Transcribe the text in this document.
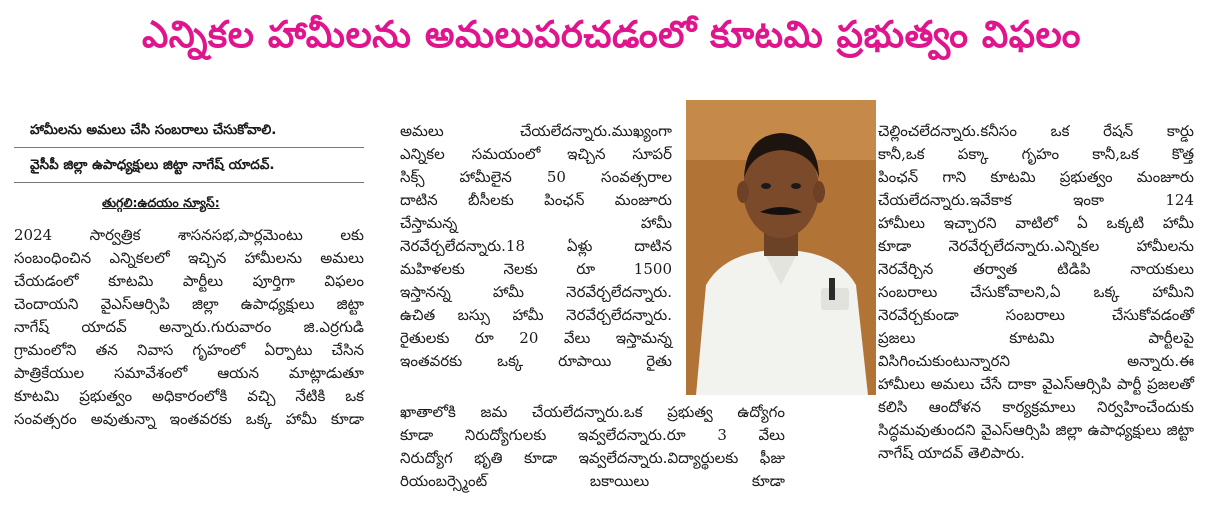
ఎన్నికల హామీలను అమలుపరచడంలో కూటమి ప్రభుత్వం విఫలం
హామీలను అమలు చేసి సంబరాలు చేసుకోవాలి.
వైసీపీ జిల్లా ఉపాధ్యక్షులు జిట్టా నాగేష్ యాదవ్.
తుగ్గలి:ఉదయం న్యూస్:

2024 సార్వత్రిక శాసనసభ,పార్లమెంటు లకు

సంబంధించిన ఎన్నికలలో ఇచ్చిన హామీలను అమలు

చేయడంలో కూటమి పార్టీలు పూర్తిగా విఫలం

చెందాయని వైఎస్ఆర్సిపి జిల్లా ఉపాధ్యక్షులు జిట్టా

నాగేష్ యాదవ్ అన్నారు.గురువారం జి.ఎర్రగుడి

గ్రామంలోని తన నివాస గృహంలో ఏర్పాటు చేసిన

పాత్రికేయుల సమావేశంలో ఆయన మాట్లాడుతూ

కూటమి ప్రభుత్వం అధికారంలోకి వచ్చి నేటికి ఒక

సంవత్సరం అవుతున్నా ఇంతవరకు ఒక్క హామీ కూడా

అమలు చేయలేదన్నారు.ముఖ్యంగా

ఎన్నికల సమయంలో ఇచ్చిన సూపర్

సిక్స్ హామీలైన 50 సంవత్సరాల

దాటిన బీసీలకు పింఛన్ మంజూరు

చేస్తామన్న హామీ

నెరవేర్చలేదన్నారు.18 ఏళ్లు దాటిన

మహిళలకు నెలకు రూ 1500

ఇస్తానన్న హామీ నెరవేర్చలేదన్నారు.

ఉచిత బస్సు హామీ నెరవేర్చలేదన్నారు.

రైతులకు రూ 20 వేలు ఇస్తామన్న

ఇంతవరకు ఒక్క రూపాయి రైతు

ఖాతాలోకి జమ చేయలేదన్నారు.ఒక ప్రభుత్వ ఉద్యోగం

కూడా నిరుద్యోగులకు ఇవ్వలేదన్నారు.రూ 3 వేలు

నిరుద్యోగ భృతి కూడా ఇవ్వలేదన్నారు.విద్యార్థులకు ఫీజు

రియంబర్స్మెంట్ బకాయిలు కూడా

చెల్లించలేదన్నారు.కనీసం ఒక రేషన్ కార్డు

కానీ,ఒక పక్కా గృహం కానీ,ఒక కొత్త

పింఛన్ గాని కూటమి ప్రభుత్వం మంజూరు

చేయలేదన్నారు.ఇవేకాక ఇంకా 124

హామీలు ఇచ్చారని వాటిలో ఏ ఒక్కటి హామీ

కూడా నెరవేర్చలేదన్నారు.ఎన్నికల హామీలను

నెరవేర్చిన తర్వాత టిడిపి నాయకులు

సంబరాలు చేసుకోవాలని,ఏ ఒక్క హామీని

నెరవేర్చకుండా సంబరాలు చేసుకోవడంతో

ప్రజలు కూటమి పార్టీలపై

విసిగించుకుంటున్నారని అన్నారు.ఈ

హామీలు అమలు చేసే దాకా వైఎస్ఆర్సిపి పార్టీ ప్రజలతో

కలిసి ఆందోళన కార్యక్రమాలు నిర్వహించేందుకు

సిద్ధమవుతుందని వైఎస్ఆర్సిపి జిల్లా ఉపాధ్యక్షులు జిట్టా

నాగేష్ యాదవ్ తెలిపారు.
